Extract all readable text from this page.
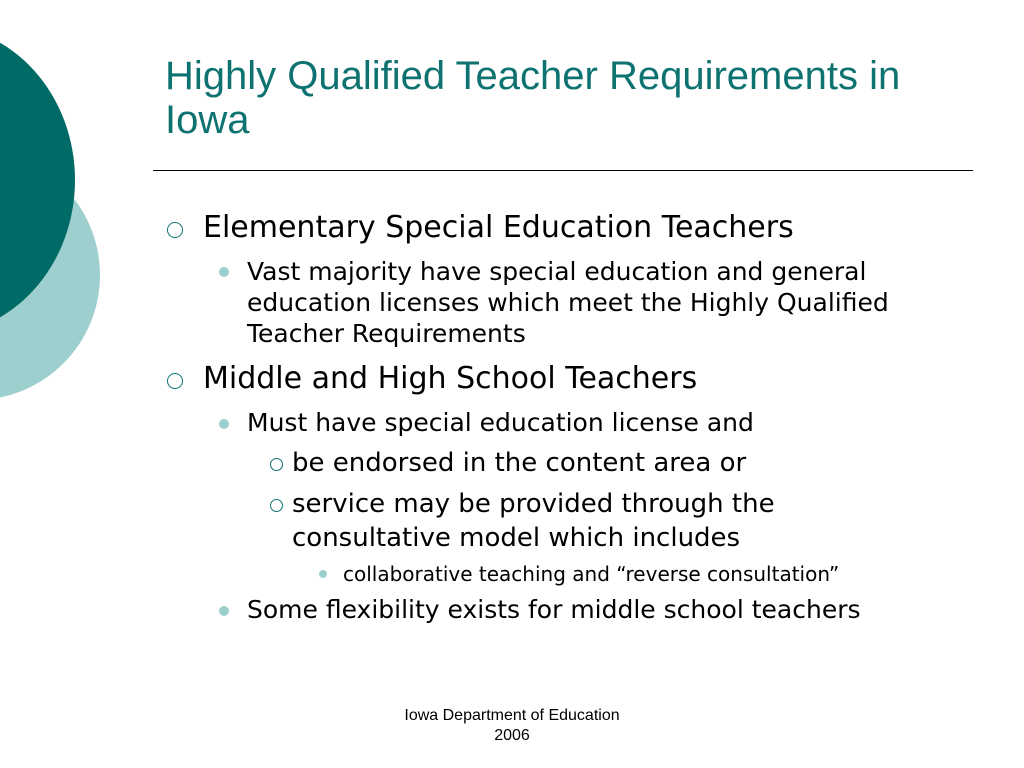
Highly Qualified Teacher Requirements in Iowa
Elementary Special Education Teachers
Vast majority have special education and general education licenses which meet the Highly Qualified Teacher Requirements
Middle and High School Teachers
Must have special education license and
be endorsed in the content area or
service may be provided through the consultative model which includes
collaborative teaching and “reverse consultation”
Some flexibility exists for middle school teachers
Iowa Department of Education
2006
